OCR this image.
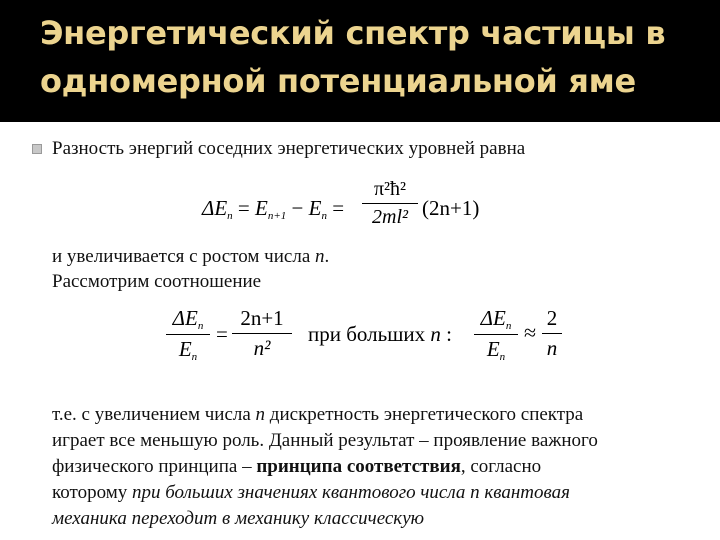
Энергетический спектр частицы в
одномерной потенциальной яме
Разность энергий соседних энергетических уровней равна
$\Delta E_n = E_{n+1} - E_n$ =
π²ħ²
2ml² (2n+1)
и увеличивается с ростом числа n.
Рассмотрим соотношение
$\Delta E_n$
$E_n$
=
2n+1
n²
при больших n :
$\Delta E_n$
$E_n$
≈
2
n
т.е. с увеличением числа n дискретность энергетического спектра
играет все меньшую роль. Данный результат – проявление важного
физического принципа – принципа соответствия, согласно
которому при больших значениях квантового числа n квантовая
механика переходит в механику классическую
